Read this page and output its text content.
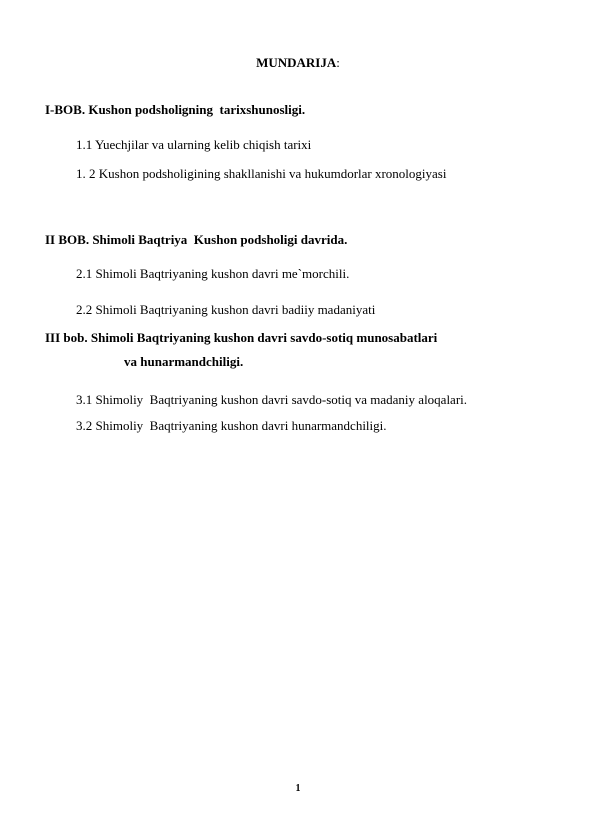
MUNDARIJA:
I-BOB. Kushon podsholigning  tarixshunosligi.
1.1 Yuechjilar va ularning kelib chiqish tarixi
1. 2 Kushon podsholigining shakllanishi va hukumdorlar xronologiyasi
II BOB. Shimoli Baqtriya  Kushon podsholigi davrida.
2.1 Shimoli Baqtriyaning kushon davri me`morchili.
2.2 Shimoli Baqtriyaning kushon davri badiiy madaniyati
III bob. Shimoli Baqtriyaning kushon davri savdo-sotiq munosabatlari
va hunarmandchiligi.
3.1 Shimoliy  Baqtriyaning kushon davri savdo-sotiq va madaniy aloqalari.
3.2 Shimoliy  Baqtriyaning kushon davri hunarmandchiligi.
1
